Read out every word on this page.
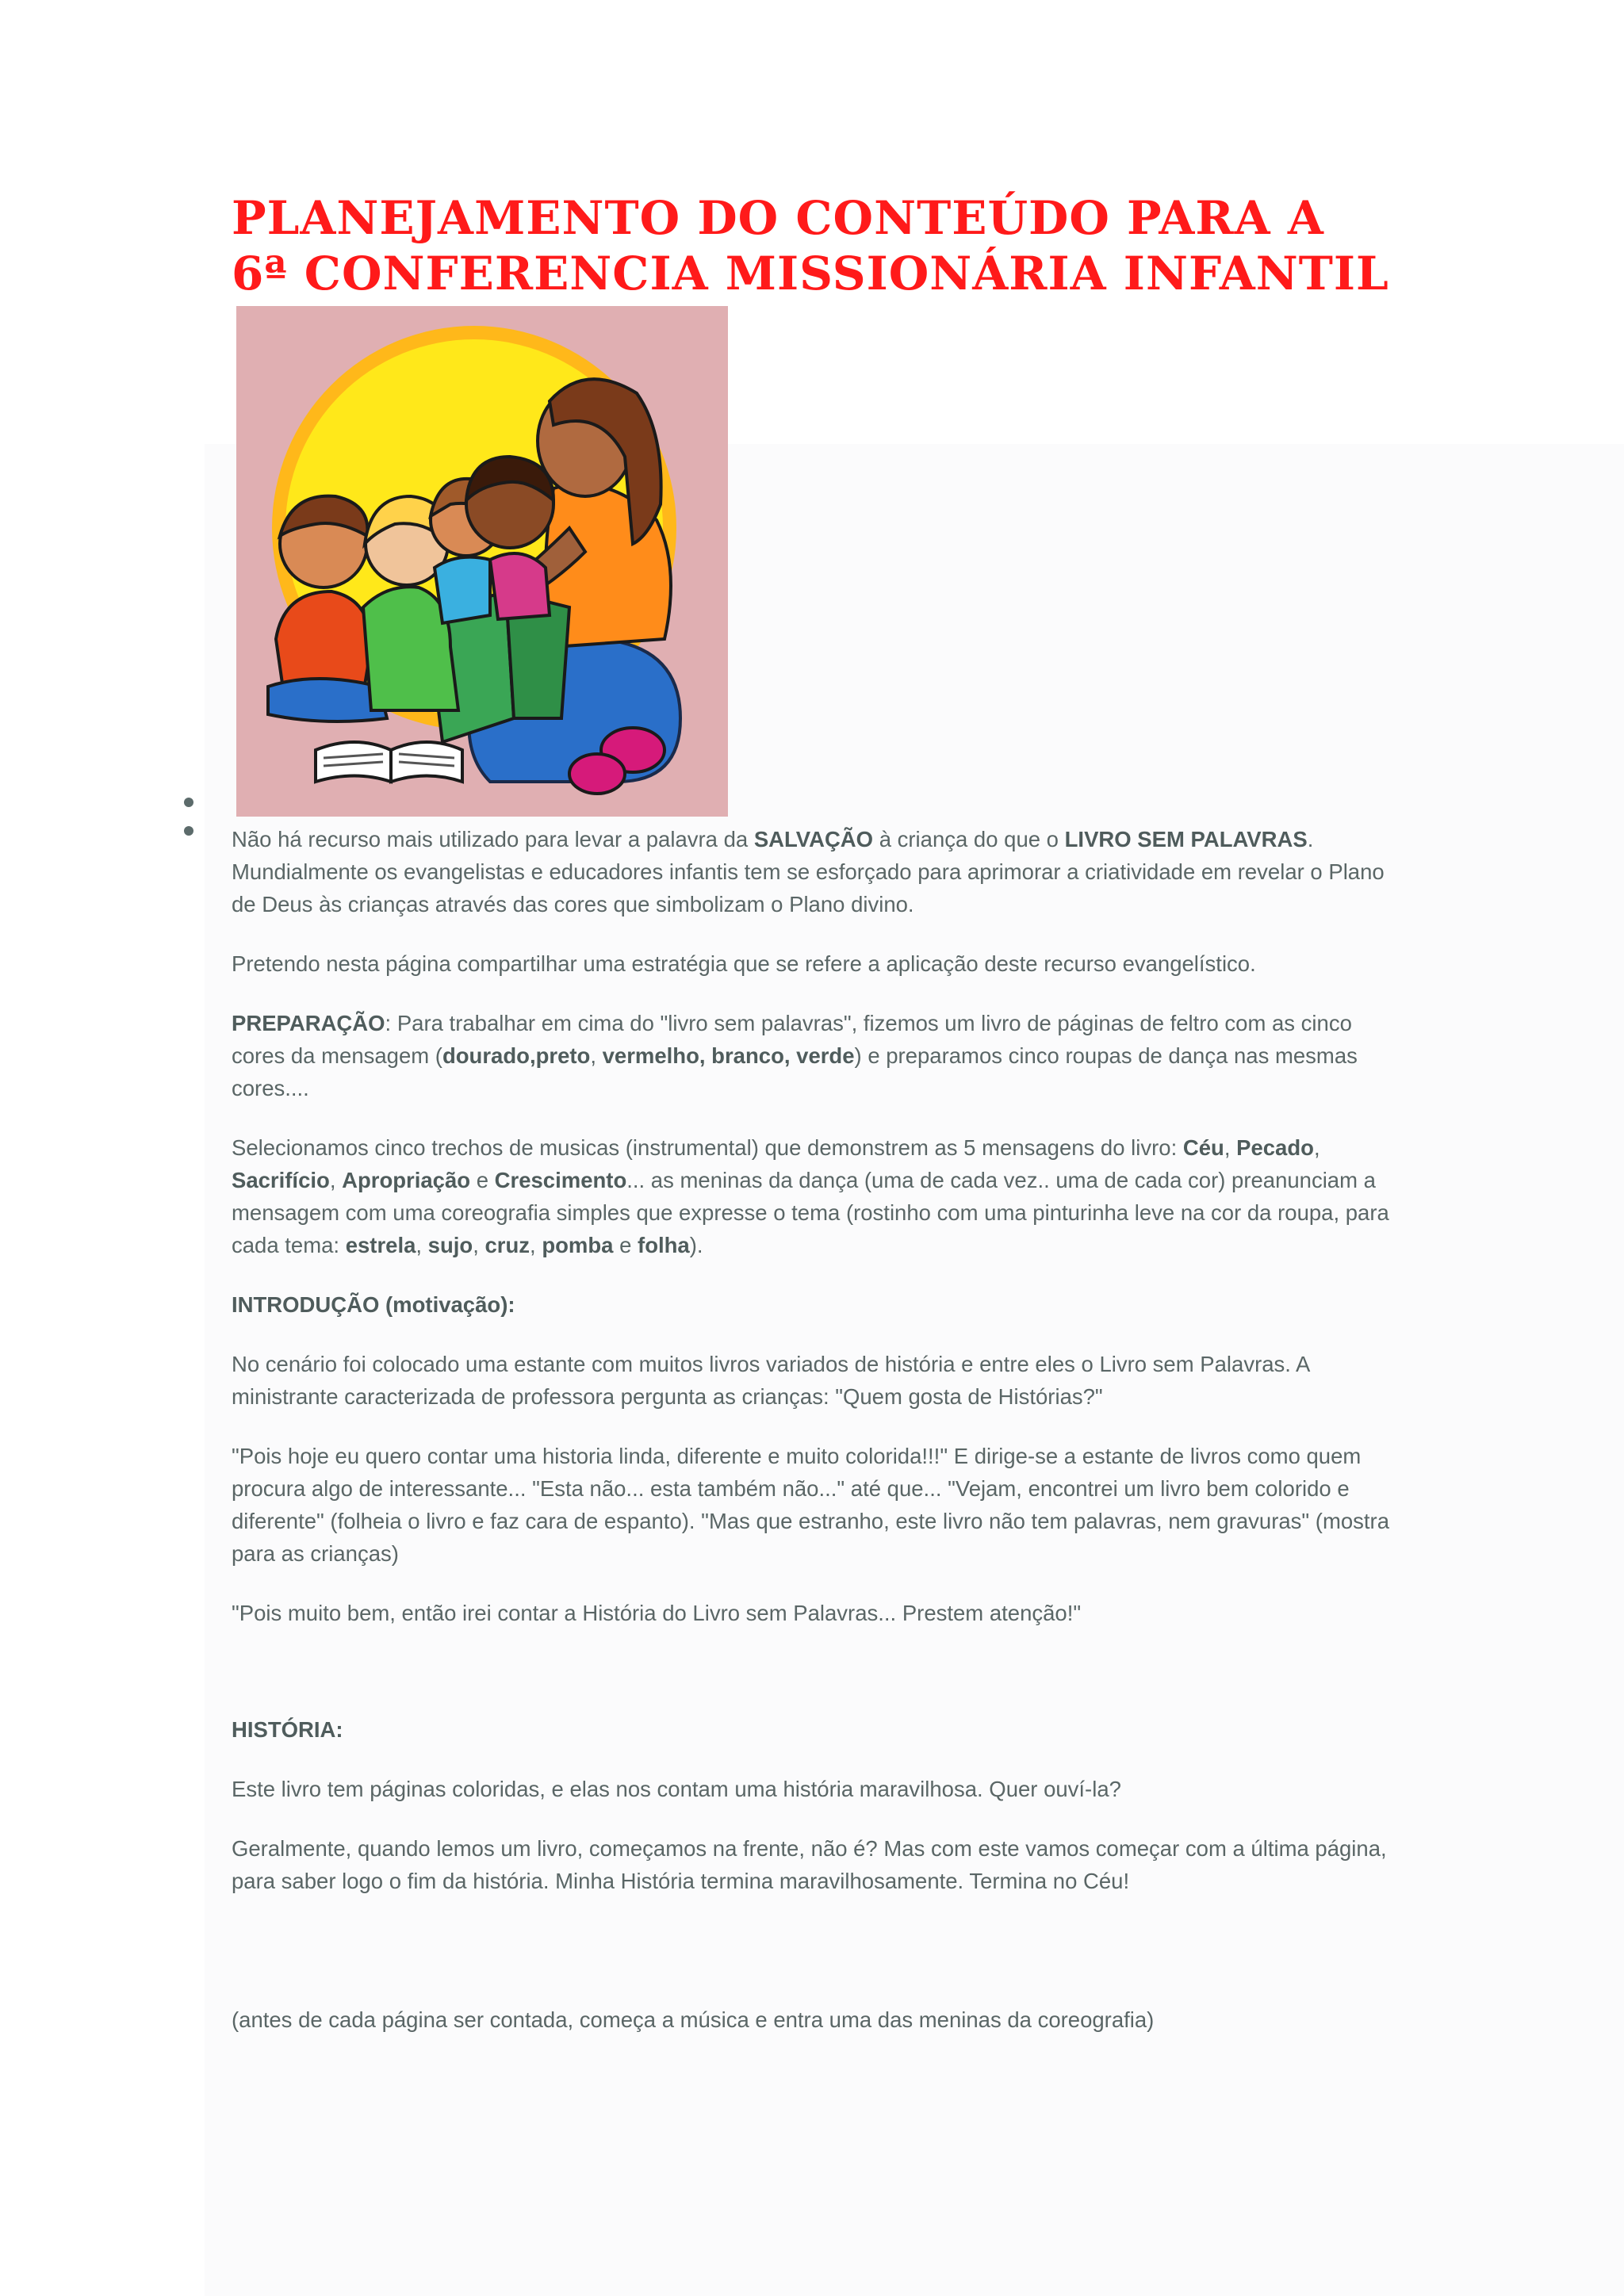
PLANEJAMENTO DO CONTEÚDO PARA A
6ª CONFERENCIA MISSIONÁRIA INFANTIL

Não há recurso mais utilizado para levar a palavra da SALVAÇÃO à criança do que o LIVRO SEM PALAVRAS. Mundialmente os evangelistas e educadores infantis tem se esforçado para aprimorar a criatividade em revelar o Plano de Deus às crianças através das cores que simbolizam o Plano divino.

Pretendo nesta página compartilhar uma estratégia que se refere a aplicação deste recurso evangelístico.

PREPARAÇÃO: Para trabalhar em cima do "livro sem palavras", fizemos um livro de páginas de feltro com as cinco cores da mensagem (dourado,preto, vermelho, branco, verde) e preparamos cinco roupas de dança nas mesmas cores....

Selecionamos cinco trechos de musicas (instrumental) que demonstrem as 5 mensagens do livro: Céu, Pecado, Sacrifício, Apropriação e Crescimento... as meninas da dança (uma de cada vez.. uma de cada cor) preanunciam a mensagem com uma coreografia simples que expresse o tema (rostinho com uma pinturinha leve na cor da roupa, para cada tema: estrela, sujo, cruz, pomba e folha).

INTRODUÇÃO (motivação):

No cenário foi colocado uma estante com muitos livros variados de história e entre eles o Livro sem Palavras. A ministrante caracterizada de professora pergunta as crianças: "Quem gosta de Histórias?"

"Pois hoje eu quero contar uma historia linda, diferente e muito colorida!!!" E dirige-se a estante de livros como quem procura algo de interessante... "Esta não... esta também não..." até que... "Vejam, encontrei um livro bem colorido e diferente" (folheia o livro e faz cara de espanto). "Mas que estranho, este livro não tem palavras, nem gravuras" (mostra para as crianças)

"Pois muito bem, então irei contar a História do Livro sem Palavras... Prestem atenção!"

HISTÓRIA:

Este livro tem páginas coloridas, e elas nos contam uma história maravilhosa. Quer ouví-la?

Geralmente, quando lemos um livro, começamos na frente, não é? Mas com este vamos começar com a última página, para saber logo o fim da história. Minha História termina maravilhosamente. Termina no Céu!

(antes de cada página ser contada, começa a música e entra uma das meninas da coreografia)
